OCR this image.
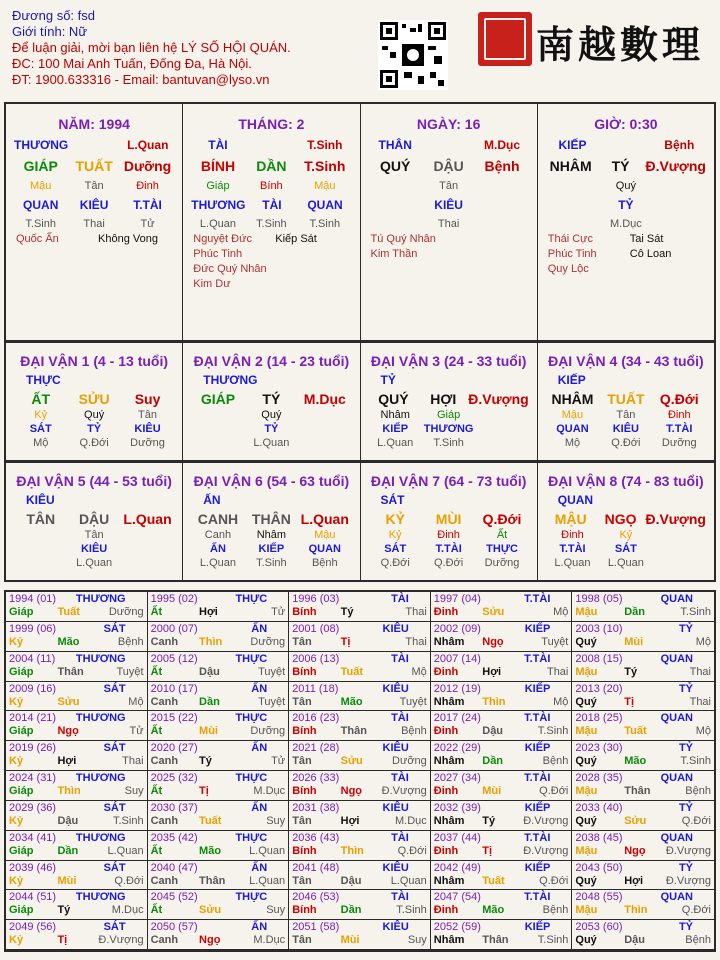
Đương số: fsd
Giới tính: Nữ
Để luận giải, mời bạn liên hệ LÝ SỐ HỘI QUÁN.
ĐC: 100 Mai Anh Tuấn, Đống Đa, Hà Nội.
ĐT: 1900.633316 - Email: bantuvan@lyso.vn
南越數理
NĂM: 1994
THƯƠNG	L.Quan
GIÁP	TUẤT Dưỡng
Mậu	Tân	Đinh
QUAN	KIÊU	T.TÀI
T.Sinh	Thai	Tử
Quốc Ấn	Không Vong
THÁNG: 2
TÀI	T.Sinh
BÍNH	DẦN	T.Sinh
Giáp	Bính	Mậu
THƯƠNG	TÀI	QUAN
L.Quan	T.Sinh	T.Sinh
Nguyệt Đức
Phúc Tinh
Đức Quý Nhân
Kim Dư
Kiếp Sát
NGÀY: 16
THÂN	M.Dục
QUÝ	DẬU	Bệnh
Tân
KIÊU
Thai
Tú Quý Nhân
Kim Thần
GIỜ: 0:30
KIẾP	Bệnh
NHÂM	TÝ	Đ.Vượng
Quý
TỶ
M.Dục
Thái Cực
Phúc Tinh
Quy Lộc
Tai Sát
Cô Loan
ĐẠI VẬN 1 (4 - 13 tuổi)
THỰC
ẤT	SỬU	Suy
Kỷ	Quý	Tân
SÁT	TỶ	KIÊU
Mộ	Q.Đới	Dưỡng
ĐẠI VẬN 2 (14 - 23 tuổi)
THƯƠNG
GIÁP	TÝ	M.Dục
Quý
TỶ
L.Quan
ĐẠI VẬN 3 (24 - 33 tuổi)
TỶ
QUÝ	HỢI Đ.Vượng
Nhâm	Giáp
KIẾP	THƯƠNG
L.Quan	T.Sinh
ĐẠI VẬN 4 (34 - 43 tuổi)
KIẾP
NHÂM TUẤT	Q.Đới
Mậu	Tân	Đinh
QUAN	KIÊU	T.TÀI
Mộ	Q.Đới	Dưỡng
ĐẠI VẬN 5 (44 - 53 tuổi)
KIÊU
TÂN	DẬU	L.Quan
Tân
KIÊU
L.Quan
ĐẠI VẬN 6 (54 - 63 tuổi)
ẤN
CANH THÂN L.Quan
Canh	Nhâm	Mậu
ẤN	KIẾP	QUAN
L.Quan	T.Sinh	Bệnh
ĐẠI VẬN 7 (64 - 73 tuổi)
SÁT
KỶ	MÙI	Q.Đới
Kỷ	Đinh	Ất
SÁT	T.TÀI	THỰC
Q.Đới	Q.Đới	Dưỡng
ĐẠI VẬN 8 (74 - 83 tuổi)
QUAN
MẬU	NGỌ Đ.Vượng
Đinh	Kỷ
T.TÀI	SÁT
L.Quan	L.Quan
1994 (01) THƯƠNG
Giáp	Tuất	Dưỡng
1995 (02)	THỰC
Ất	Hợi	Tử
1996 (03)	TÀI
Bính	Tý	Thai
1997 (04)	T.TÀI
Đinh	Sửu	Mộ
1998 (05)	QUAN
Mậu	Dần	T.Sinh
1999 (06)	SÁT
Kỷ	Mão	Bệnh
2000 (07)	ẤN
Canh	Thìn	Dưỡng
2001 (08)	KIÊU
Tân	Tị	Thai
2002 (09)	KIẾP
Nhâm	Ngọ	Tuyệt
2003 (10)	TỶ
Quý	Mùi	Mộ
2004 (11) THƯƠNG
Giáp	Thân	Tuyệt
2005 (12)	THỰC
Ất	Dậu	Tuyệt
2006 (13)	TÀI
Bính	Tuất	Mộ
2007 (14)	T.TÀI
Đinh	Hợi	Thai
2008 (15)	QUAN
Mậu	Tý	Thai
2009 (16)	SÁT
Kỷ	Sửu	Mộ
2010 (17)	ẤN
Canh	Dần	Tuyệt
2011 (18)	KIÊU
Tân	Mão	Tuyệt
2012 (19)	KIẾP
Nhâm	Thìn	Mộ
2013 (20)	TỶ
Quý	Tị	Thai
2014 (21) THƯƠNG
Giáp	Ngọ	Tử
2015 (22)	THỰC
Ất	Mùi	Dưỡng
2016 (23)	TÀI
Bính	Thân	Bệnh
2017 (24)	T.TÀI
Đinh	Dậu	T.Sinh
2018 (25)	QUAN
Mậu	Tuất	Mộ
2019 (26)	SÁT
Kỷ	Hợi	Thai
2020 (27)	ẤN
Canh	Tý	Tử
2021 (28)	KIÊU
Tân	Sửu	Dưỡng
2022 (29)	KIẾP
Nhâm	Dần	Bệnh
2023 (30)	TỶ
Quý	Mão	T.Sinh
2024 (31) THƯƠNG
Giáp	Thìn	Suy
2025 (32)	THỰC
Ất	Tị	M.Dục
2026 (33)	TÀI
Bính	Ngọ	Đ.Vượng
2027 (34)	T.TÀI
Đinh	Mùi	Q.Đới
2028 (35)	QUAN
Mậu	Thân	Bệnh
2029 (36)	SÁT
Kỷ	Dậu	T.Sinh
2030 (37)	ẤN
Canh	Tuất	Suy
2031 (38)	KIÊU
Tân	Hợi	M.Dục
2032 (39)	KIẾP
Nhâm	Tý	Đ.Vượng
2033 (40)	TỶ
Quý	Sửu	Q.Đới
2034 (41) THƯƠNG
Giáp	Dần	L.Quan
2035 (42)	THỰC
Ất	Mão	L.Quan
2036 (43)	TÀI
Bính	Thìn	Q.Đới
2037 (44)	T.TÀI
Đinh	Tị	Đ.Vượng
2038 (45)	QUAN
Mậu	Ngọ	Đ.Vượng
2039 (46)	SÁT
Kỷ	Mùi	Q.Đới
2040 (47)	ẤN
Canh	Thân	L.Quan
2041 (48)	KIÊU
Tân	Dậu	L.Quan
2042 (49)	KIẾP
Nhâm	Tuất	Q.Đới
2043 (50)	TỶ
Quý	Hợi	Đ.Vượng
2044 (51) THƯƠNG
Giáp	Tý	M.Dục
2045 (52)	THỰC
Ất	Sửu	Suy
2046 (53)	TÀI
Bính	Dần	T.Sinh
2047 (54)	T.TÀI
Đinh	Mão	Bệnh
2048 (55)	QUAN
Mậu	Thìn	Q.Đới
2049 (56)	SÁT
Kỷ	Tị	Đ.Vượng
2050 (57)	ẤN
Canh	Ngọ	M.Dục
2051 (58)	KIÊU
Tân	Mùi	Suy
2052 (59)	KIẾP
Nhâm	Thân	T.Sinh
2053 (60)	TỶ
Quý	Dậu	Bệnh
